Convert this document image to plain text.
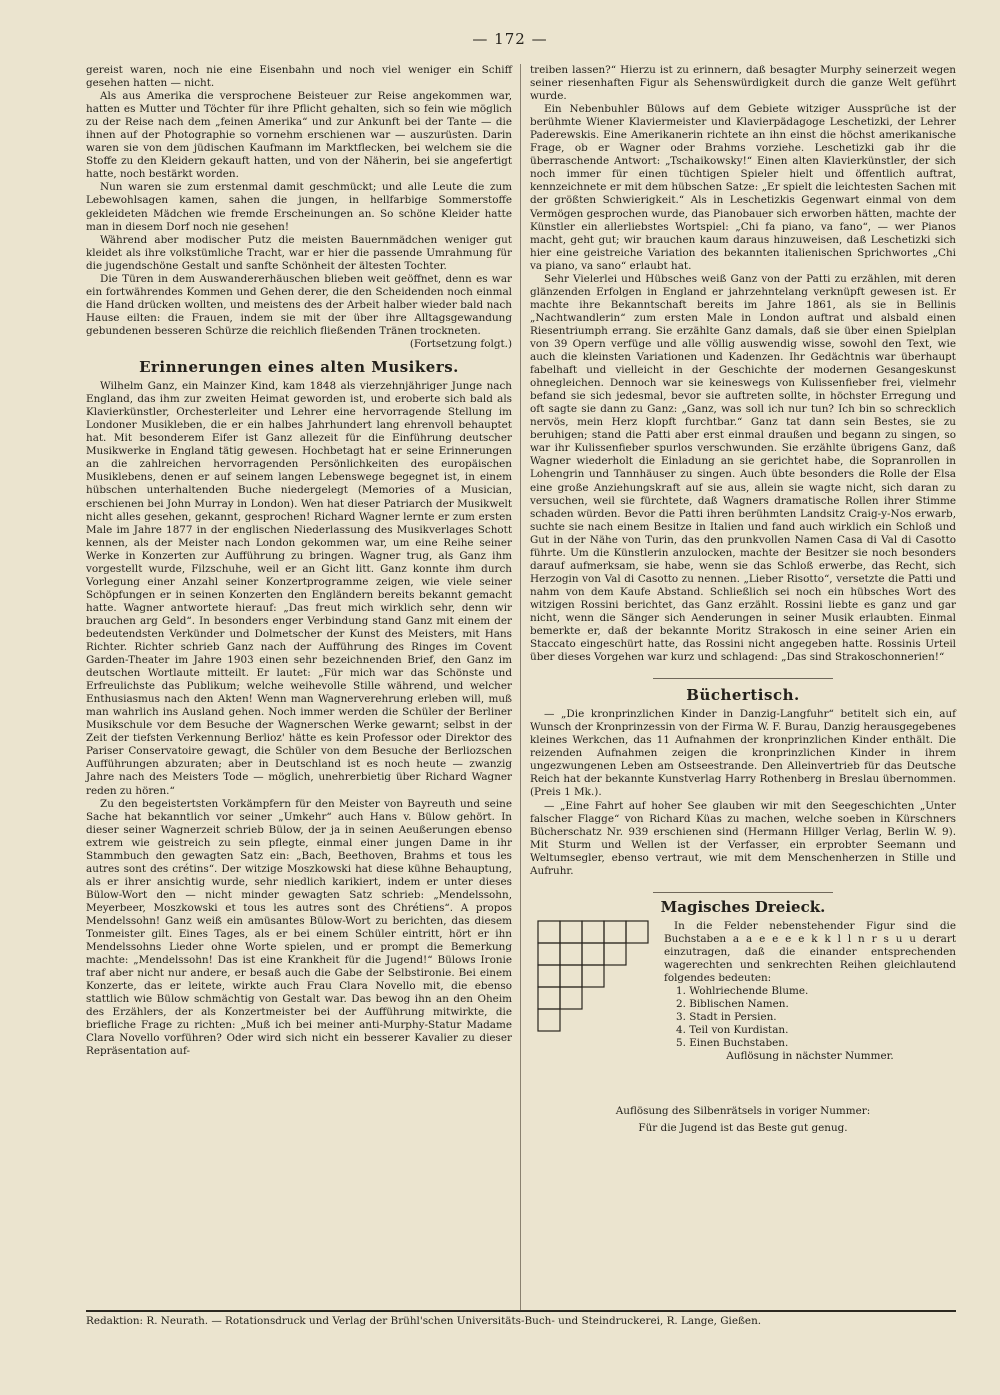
— 172 —

gereist waren, noch nie eine Eisenbahn und noch viel weniger ein Schiff gesehen hatten — nicht.

Als aus Amerika die versprochene Beisteuer zur Reise angekommen war, hatten es Mutter und Töchter für ihre Pflicht gehalten, sich so fein wie möglich zu der Reise nach dem „feinen Amerika“ und zur Ankunft bei der Tante — die ihnen auf der Photographie so vornehm erschienen war — auszurüsten. Darin waren sie von dem jüdischen Kaufmann im Marktflecken, bei welchem sie die Stoffe zu den Kleidern gekauft hatten, und von der Näherin, bei sie angefertigt hatte, noch bestärkt worden.

Nun waren sie zum erstenmal damit geschmückt; und alle Leute die zum Lebewohlsagen kamen, sahen die jungen, in hellfarbige Sommerstoffe gekleideten Mädchen wie fremde Erscheinungen an. So schöne Kleider hatte man in diesem Dorf noch nie gesehen!

Während aber modischer Putz die meisten Bauernmädchen weniger gut kleidet als ihre volkstümliche Tracht, war er hier die passende Umrahmung für die jugendschöne Gestalt und sanfte Schönheit der ältesten Tochter.

Die Türen in dem Auswandererhäuschen blieben weit geöffnet, denn es war ein fortwährendes Kommen und Gehen derer, die den Scheidenden noch einmal die Hand drücken wollten, und meistens des der Arbeit halber wieder bald nach Hause eilten: die Frauen, indem sie mit der über ihre Alltagsgewandung gebundenen besseren Schürze die reichlich fließenden Tränen trockneten.

(Fortsetzung folgt.)
Erinnerungen eines alten Musikers.

Wilhelm Ganz, ein Mainzer Kind, kam 1848 als vierzehnjähriger Junge nach England, das ihm zur zweiten Heimat geworden ist, und eroberte sich bald als Klavierkünstler, Orchesterleiter und Lehrer eine hervorragende Stellung im Londoner Musikleben, die er ein halbes Jahrhundert lang ehrenvoll behauptet hat. Mit besonderem Eifer ist Ganz allezeit für die Einführung deutscher Musikwerke in England tätig gewesen. Hochbetagt hat er seine Erinnerungen an die zahlreichen hervorragenden Persönlichkeiten des europäischen Musiklebens, denen er auf seinem langen Lebenswege begegnet ist, in einem hübschen unterhaltenden Buche niedergelegt (Memories of a Musician, erschienen bei John Murray in London). Wen hat dieser Patriarch der Musikwelt nicht alles gesehen, gekannt, gesprochen! Richard Wagner lernte er zum ersten Male im Jahre 1877 in der englischen Niederlassung des Musikverlages Schott kennen, als der Meister nach London gekommen war, um eine Reihe seiner Werke in Konzerten zur Aufführung zu bringen. Wagner trug, als Ganz ihm vorgestellt wurde, Filzschuhe, weil er an Gicht litt. Ganz konnte ihm durch Vorlegung einer Anzahl seiner Konzertprogramme zeigen, wie viele seiner Schöpfungen er in seinen Konzerten den Engländern bereits bekannt gemacht hatte. Wagner antwortete hierauf: „Das freut mich wirklich sehr, denn wir brauchen arg Geld“. In besonders enger Verbindung stand Ganz mit einem der bedeutendsten Verkünder und Dolmetscher der Kunst des Meisters, mit Hans Richter. Richter schrieb Ganz nach der Aufführung des Ringes im Covent Garden-Theater im Jahre 1903 einen sehr bezeichnenden Brief, den Ganz im deutschen Wortlaute mitteilt. Er lautet: „Für mich war das Schönste und Erfreulichste das Publikum; welche weihevolle Stille während, und welcher Enthusiasmus nach den Akten! Wenn man Wagnerverehrung erleben will, muß man wahrlich ins Ausland gehen. Noch immer werden die Schüler der Berliner Musikschule vor dem Besuche der Wagnerschen Werke gewarnt; selbst in der Zeit der tiefsten Verkennung Berlioz' hätte es kein Professor oder Direktor des Pariser Conservatoire gewagt, die Schüler von dem Besuche der Berliozschen Aufführungen abzuraten; aber in Deutschland ist es noch heute — zwanzig Jahre nach des Meisters Tode — möglich, unehrerbietig über Richard Wagner reden zu hören.“

Zu den begeistertsten Vorkämpfern für den Meister von Bayreuth und seine Sache hat bekanntlich vor seiner „Umkehr“ auch Hans v. Bülow gehört. In dieser seiner Wagnerzeit schrieb Bülow, der ja in seinen Aeußerungen ebenso extrem wie geistreich zu sein pflegte, einmal einer jungen Dame in ihr Stammbuch den gewagten Satz ein: „Bach, Beethoven, Brahms et tous les autres sont des crétins“. Der witzige Moszkowski hat diese kühne Behauptung, als er ihrer ansichtig wurde, sehr niedlich karikiert, indem er unter dieses Bülow-Wort den — nicht minder gewagten Satz schrieb: „Mendelssohn, Meyerbeer, Moszkowski et tous les autres sont des Chrétiens“. A propos Mendelssohn! Ganz weiß ein amüsantes Bülow-Wort zu berichten, das diesem Tonmeister gilt. Eines Tages, als er bei einem Schüler eintritt, hört er ihn Mendelssohns Lieder ohne Worte spielen, und er prompt die Bemerkung machte: „Mendelssohn! Das ist eine Krankheit für die Jugend!“ Bülows Ironie traf aber nicht nur andere, er besaß auch die Gabe der Selbstironie. Bei einem Konzerte, das er leitete, wirkte auch Frau Clara Novello mit, die ebenso stattlich wie Bülow schmächtig von Gestalt war. Das bewog ihn an den Oheim des Erzählers, der als Konzertmeister bei der Aufführung mitwirkte, die briefliche Frage zu richten: „Muß ich bei meiner anti-Murphy-Statur Madame Clara Novello vorführen? Oder wird sich nicht ein besserer Kavalier zu dieser Repräsentation auf-

treiben lassen?“ Hierzu ist zu erinnern, daß besagter Murphy seinerzeit wegen seiner riesenhaften Figur als Sehenswürdigkeit durch die ganze Welt geführt wurde.

Ein Nebenbuhler Bülows auf dem Gebiete witziger Aussprüche ist der berühmte Wiener Klaviermeister und Klavierpädagoge Leschetizki, der Lehrer Paderewskis. Eine Amerikanerin richtete an ihn einst die höchst amerikanische Frage, ob er Wagner oder Brahms vorziehe. Leschetizki gab ihr die überraschende Antwort: „Tschaikowsky!“ Einen alten Klavierkünstler, der sich noch immer für einen tüchtigen Spieler hielt und öffentlich auftrat, kennzeichnete er mit dem hübschen Satze: „Er spielt die leichtesten Sachen mit der größten Schwierigkeit.“ Als in Leschetizkis Gegenwart einmal von dem Vermögen gesprochen wurde, das Pianobauer sich erworben hätten, machte der Künstler ein allerliebstes Wortspiel: „Chi fa piano, va fano“, — wer Pianos macht, geht gut; wir brauchen kaum daraus hinzuweisen, daß Leschetizki sich hier eine geistreiche Variation des bekannten italienischen Sprichwortes „Chi va piano, va sano“ erlaubt hat.

Sehr Vielerlei und Hübsches weiß Ganz von der Patti zu erzählen, mit deren glänzenden Erfolgen in England er jahrzehntelang verknüpft gewesen ist. Er machte ihre Bekanntschaft bereits im Jahre 1861, als sie in Bellinis „Nachtwandlerin“ zum ersten Male in London auftrat und alsbald einen Riesentriumph errang. Sie erzählte Ganz damals, daß sie über einen Spielplan von 39 Opern verfüge und alle völlig auswendig wisse, sowohl den Text, wie auch die kleinsten Variationen und Kadenzen. Ihr Gedächtnis war überhaupt fabelhaft und vielleicht in der Geschichte der modernen Gesangeskunst ohnegleichen. Dennoch war sie keineswegs von Kulissenfieber frei, vielmehr befand sie sich jedesmal, bevor sie auftreten sollte, in höchster Erregung und oft sagte sie dann zu Ganz: „Ganz, was soll ich nur tun? Ich bin so schrecklich nervös, mein Herz klopft furchtbar.“ Ganz tat dann sein Bestes, sie zu beruhigen; stand die Patti aber erst einmal draußen und begann zu singen, so war ihr Kulissenfieber spurlos verschwunden. Sie erzählte übrigens Ganz, daß Wagner wiederholt die Einladung an sie gerichtet habe, die Sopranrollen in Lohengrin und Tannhäuser zu singen. Auch übte besonders die Rolle der Elsa eine große Anziehungskraft auf sie aus, allein sie wagte nicht, sich daran zu versuchen, weil sie fürchtete, daß Wagners dramatische Rollen ihrer Stimme schaden würden. Bevor die Patti ihren berühmten Landsitz Craig-y-Nos erwarb, suchte sie nach einem Besitze in Italien und fand auch wirklich ein Schloß und Gut in der Nähe von Turin, das den prunkvollen Namen Casa di Val di Casotto führte. Um die Künstlerin anzulocken, machte der Besitzer sie noch besonders darauf aufmerksam, sie habe, wenn sie das Schloß erwerbe, das Recht, sich Herzogin von Val di Casotto zu nennen. „Lieber Risotto“, versetzte die Patti und nahm von dem Kaufe Abstand. Schließlich sei noch ein hübsches Wort des witzigen Rossini berichtet, das Ganz erzählt. Rossini liebte es ganz und gar nicht, wenn die Sänger sich Aenderungen in seiner Musik erlaubten. Einmal bemerkte er, daß der bekannte Moritz Strakosch in eine seiner Arien ein Staccato eingeschürt hatte, das Rossini nicht angegeben hatte. Rossinis Urteil über dieses Vorgehen war kurz und schlagend: „Das sind Strakoschonnerien!“

Büchertisch.

— „Die kronprinzlichen Kinder in Danzig-Langfuhr“ betitelt sich ein, auf Wunsch der Kronprinzessin von der Firma W. F. Burau, Danzig herausgegebenes kleines Werkchen, das 11 Aufnahmen der kronprinzlichen Kinder enthält. Die reizenden Aufnahmen zeigen die kronprinzlichen Kinder in ihrem ungezwungenen Leben am Ostseestrande. Den Alleinvertrieb für das Deutsche Reich hat der bekannte Kunstverlag Harry Rothenberg in Breslau übernommen. (Preis 1 Mk.).

— „Eine Fahrt auf hoher See glauben wir mit den Seegeschichten „Unter falscher Flagge“ von Richard Küas zu machen, welche soeben in Kürschners Bücherschatz Nr. 939 erschienen sind (Hermann Hillger Verlag, Berlin W. 9). Mit Sturm und Wellen ist der Verfasser, ein erprobter Seemann und Weltumsegler, ebenso vertraut, wie mit dem Menschenherzen in Stille und Aufruhr.

Magisches Dreieck.

In die Felder nebenstehender Figur sind die Buchstaben a a e e e e k k l l n r s u u derart einzutragen, daß die einander entsprechenden wagerechten und senkrechten Reihen gleichlautend folgendes bedeuten:

1. Wohlriechende Blume.
2. Biblischen Namen.
3. Stadt in Persien.
4. Teil von Kurdistan.
5. Einen Buchstaben.
Auflösung in nächster Nummer.
Auflösung des Silbenrätsels in voriger Nummer:
Für die Jugend ist das Beste gut genug.
Redaktion: R. Neurath. — Rotationsdruck und Verlag der Brühl'schen Universitäts-Buch- und Steindruckerei, R. Lange, Gießen.
